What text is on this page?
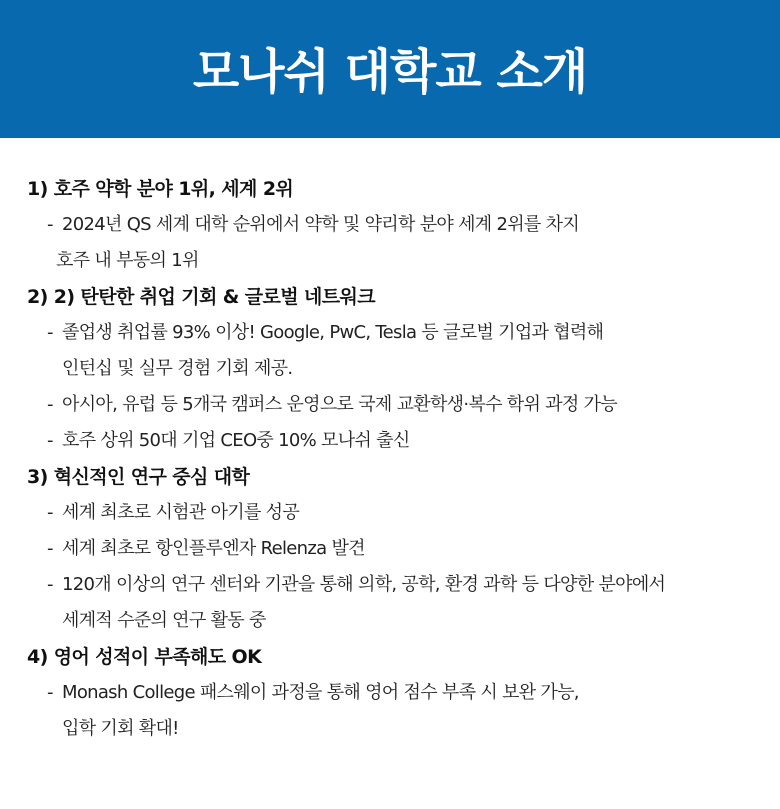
모나쉬 대학교 소개
1) 호주 약학 분야 1위, 세계 2위
- 2024년 QS 세계 대학 순위에서 약학 및 약리학 분야 세계 2위를 차지
호주 내 부동의 1위
2) 2) 탄탄한 취업 기회 & 글로벌 네트워크
- 졸업생 취업률 93% 이상! Google, PwC, Tesla 등 글로벌 기업과 협력해
인턴십 및 실무 경험 기회 제공.
- 아시아, 유럽 등 5개국 캠퍼스 운영으로 국제 교환학생·복수 학위 과정 가능
- 호주 상위 50대 기업 CEO중 10% 모나쉬 출신
3) 혁신적인 연구 중심 대학
- 세계 최초로 시험관 아기를 성공
- 세계 최초로 항인플루엔자 Relenza 발견
- 120개 이상의 연구 센터와 기관을 통해 의학, 공학, 환경 과학 등 다양한 분야에서
세계적 수준의 연구 활동 중
4) 영어 성적이 부족해도 OK
- Monash College 패스웨이 과정을 통해 영어 점수 부족 시 보완 가능,
입학 기회 확대!
